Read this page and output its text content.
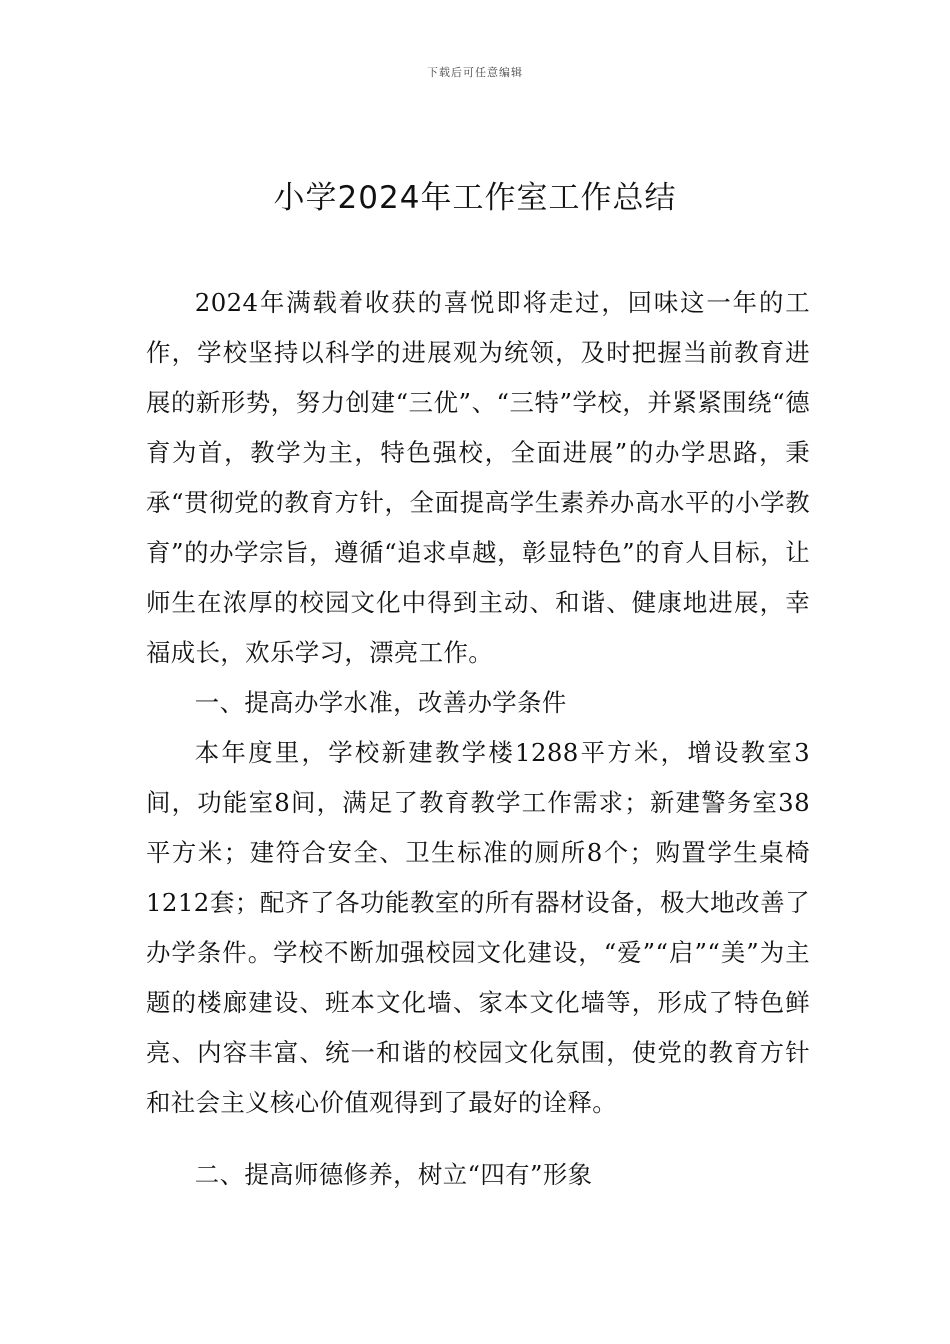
下载后可任意编辑
小学2024年工作室工作总结

2024年满载着收获的喜悦即将走过，回味这一年的工作，学校坚持以科学的进展观为统领，及时把握当前教育进展的新形势，努力创建“三优”、“三特”学校，并紧紧围绕“德育为首，教学为主，特色强校，全面进展”的办学思路，秉承“贯彻党的教育方针，全面提高学生素养办高水平的小学教育”的办学宗旨，遵循“追求卓越，彰显特色”的育人目标，让师生在浓厚的校园文化中得到主动、和谐、健康地进展，幸福成长，欢乐学习，漂亮工作。

一、提高办学水准，改善办学条件

本年度里，学校新建教学楼1288平方米，增设教室3间，功能室8间，满足了教育教学工作需求；新建警务室38平方米；建符合安全、卫生标准的厕所8个；购置学生桌椅1212套；配齐了各功能教室的所有器材设备，极大地改善了办学条件。学校不断加强校园文化建设，“爱”“启”“美”为主题的楼廊建设、班本文化墙、家本文化墙等，形成了特色鲜亮、内容丰富、统一和谐的校园文化氛围，使党的教育方针和社会主义核心价值观得到了最好的诠释。

二、提高师德修养，树立“四有”形象
